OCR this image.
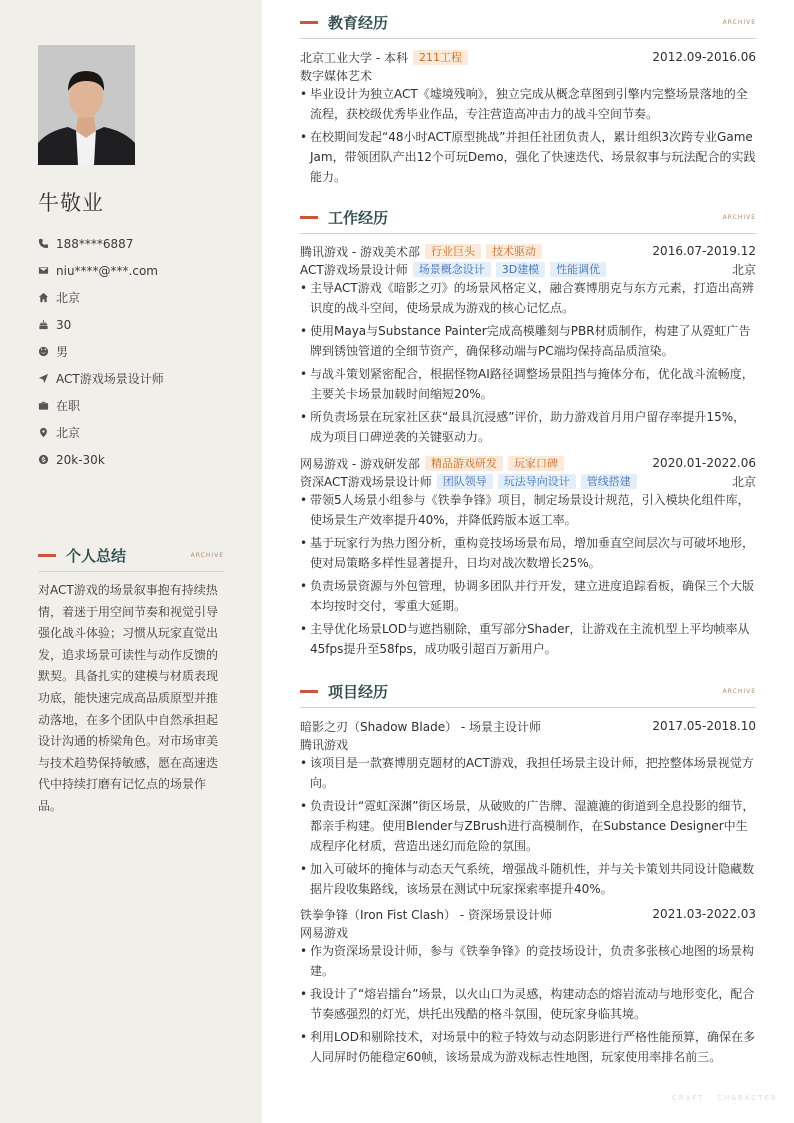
牛敬业
188****6887
niu****@***.com
北京
30
男
ACT游戏场景设计师
在职
北京
20k-30k
个人总结	ARCHIVE
对ACT游戏的场景叙事抱有持续热情，着迷于用空间节奏和视觉引导强化战斗体验；习惯从玩家直觉出发，追求场景可读性与动作反馈的默契。具备扎实的建模与材质表现功底，能快速完成高品质原型并推动落地，在多个团队中自然承担起设计沟通的桥梁角色。对市场审美与技术趋势保持敏感，愿在高速迭代中持续打磨有记忆点的场景作品。
教育经历	ARCHIVE
北京工业大学 - 本科	211工程	2012.09-2016.06
数字媒体艺术
• 毕业设计为独立ACT《墟境残响》，独立完成从概念草图到引擎内完整场景落地的全流程，获校级优秀毕业作品，专注营造高冲击力的战斗空间节奏。
• 在校期间发起“48小时ACT原型挑战”并担任社团负责人，累计组织3次跨专业Game Jam，带领团队产出12个可玩Demo，强化了快速迭代、场景叙事与玩法配合的实践能力。
工作经历	ARCHIVE
腾讯游戏 - 游戏美术部	行业巨头	技术驱动	2016.07-2019.12
ACT游戏场景设计师	场景概念设计	3D建模	性能调优	北京
• 主导ACT游戏《暗影之刃》的场景风格定义，融合赛博朋克与东方元素，打造出高辨识度的战斗空间，使场景成为游戏的核心记忆点。
• 使用Maya与Substance Painter完成高模雕刻与PBR材质制作，构建了从霓虹广告牌到锈蚀管道的全细节资产，确保移动端与PC端均保持高品质渲染。
• 与战斗策划紧密配合，根据怪物AI路径调整场景阻挡与掩体分布，优化战斗流畅度，主要关卡场景加载时间缩短20%。
• 所负责场景在玩家社区获“最具沉浸感”评价，助力游戏首月用户留存率提升15%，成为项目口碑逆袭的关键驱动力。
网易游戏 - 游戏研发部	精品游戏研发	玩家口碑	2020.01-2022.06
资深ACT游戏场景设计师	团队领导	玩法导向设计	管线搭建	北京
• 带领5人场景小组参与《铁拳争锋》项目，制定场景设计规范，引入模块化组件库，使场景生产效率提升40%，并降低跨版本返工率。
• 基于玩家行为热力图分析，重构竞技场场景布局，增加垂直空间层次与可破坏地形，使对局策略多样性显著提升，日均对战次数增长25%。
• 负责场景资源与外包管理，协调多团队并行开发，建立进度追踪看板，确保三个大版本均按时交付，零重大延期。
• 主导优化场景LOD与遮挡剔除，重写部分Shader，让游戏在主流机型上平均帧率从45fps提升至58fps，成功吸引超百万新用户。
项目经历	ARCHIVE
暗影之刃（Shadow Blade） - 场景主设计师	2017.05-2018.10
腾讯游戏
• 该项目是一款赛博朋克题材的ACT游戏，我担任场景主设计师，把控整体场景视觉方向。
• 负责设计“霓虹深渊”街区场景，从破败的广告牌、湿漉漉的街道到全息投影的细节，都亲手构建。使用Blender与ZBrush进行高模制作，在Substance Designer中生成程序化材质，营造出迷幻而危险的氛围。
• 加入可破坏的掩体与动态天气系统，增强战斗随机性，并与关卡策划共同设计隐藏数据片段收集路线，该场景在测试中玩家探索率提升40%。
铁拳争锋（Iron Fist Clash） - 资深场景设计师	2021.03-2022.03
网易游戏
• 作为资深场景设计师，参与《铁拳争锋》的竞技场设计，负责多张核心地图的场景构建。
• 我设计了“熔岩擂台”场景，以火山口为灵感，构建动态的熔岩流动与地形变化，配合节奏感强烈的灯光，烘托出残酷的格斗氛围，使玩家身临其境。
• 利用LOD和剔除技术，对场景中的粒子特效与动态阴影进行严格性能预算，确保在多人同屏时仍能稳定60帧，该场景成为游戏标志性地图，玩家使用率排名前三。
CRAFT · CHARACTER
